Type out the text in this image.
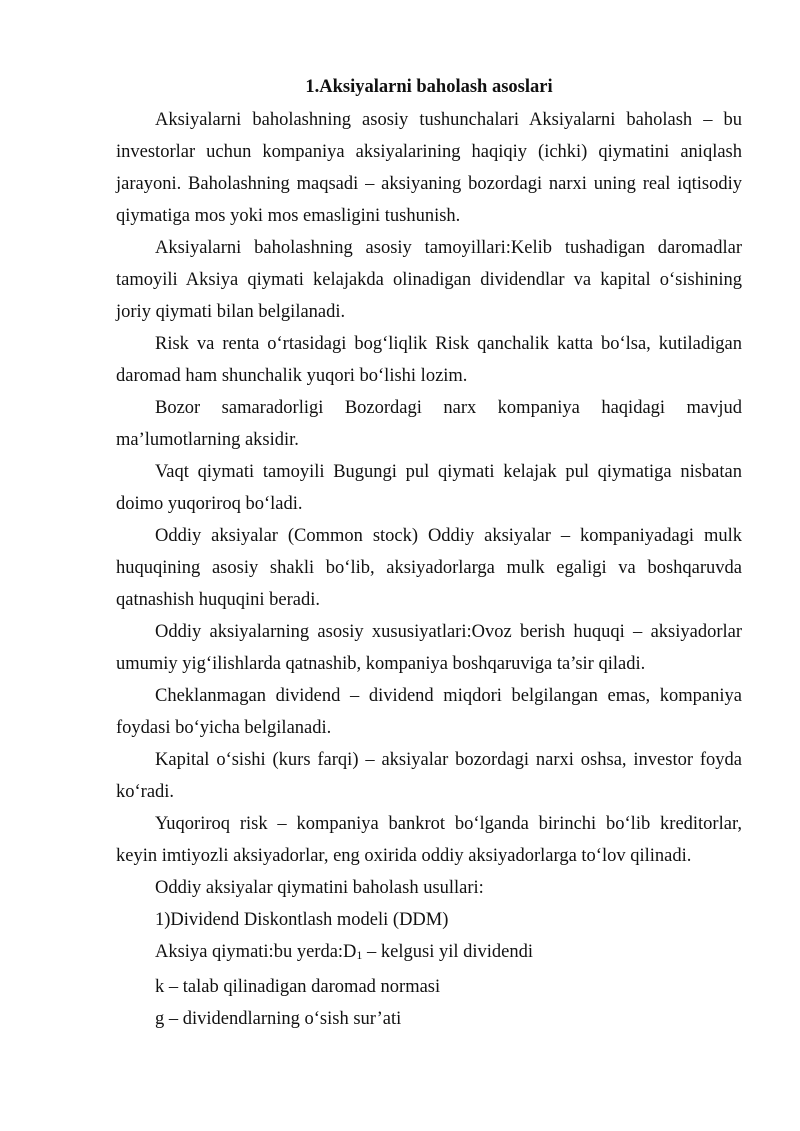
1.Aksiyalarni baholash asoslari

Aksiyalarni baholashning asosiy tushunchalari Aksiyalarni baholash – bu investorlar uchun kompaniya aksiyalarining haqiqiy (ichki) qiymatini aniqlash jarayoni. Baholashning maqsadi – aksiyaning bozordagi narxi uning real iqtisodiy qiymatiga mos yoki mos emasligini tushunish.

Aksiyalarni baholashning asosiy tamoyillari:Kelib tushadigan daromadlar tamoyili Aksiya qiymati kelajakda olinadigan dividendlar va kapital o‘sishining joriy qiymati bilan belgilanadi.

Risk va renta o‘rtasidagi bog‘liqlik Risk qanchalik katta bo‘lsa, kutiladigan daromad ham shunchalik yuqori bo‘lishi lozim.

Bozor samaradorligi Bozordagi narx kompaniya haqidagi mavjud ma’lumotlarning aksidir.

Vaqt qiymati tamoyili Bugungi pul qiymati kelajak pul qiymatiga nisbatan doimo yuqoriroq bo‘ladi.

Oddiy aksiyalar (Common stock) Oddiy aksiyalar – kompaniyadagi mulk huquqining asosiy shakli bo‘lib, aksiyadorlarga mulk egaligi va boshqaruvda qatnashish huquqini beradi.

Oddiy aksiyalarning asosiy xususiyatlari:Ovoz berish huquqi – aksiyadorlar umumiy yig‘ilishlarda qatnashib, kompaniya boshqaruviga ta’sir qiladi.

Cheklanmagan dividend – dividend miqdori belgilangan emas, kompaniya foydasi bo‘yicha belgilanadi.

Kapital o‘sishi (kurs farqi) – aksiyalar bozordagi narxi oshsa, investor foyda ko‘radi.

Yuqoriroq risk – kompaniya bankrot bo‘lganda birinchi bo‘lib kreditorlar, keyin imtiyozli aksiyadorlar, eng oxirida oddiy aksiyadorlarga to‘lov qilinadi.

Oddiy aksiyalar qiymatini baholash usullari:

1)Dividend Diskontlash modeli (DDM)

Aksiya qiymati:bu yerda:D1 – kelgusi yil dividendi

k – talab qilinadigan daromad normasi

g – dividendlarning o‘sish sur’ati
